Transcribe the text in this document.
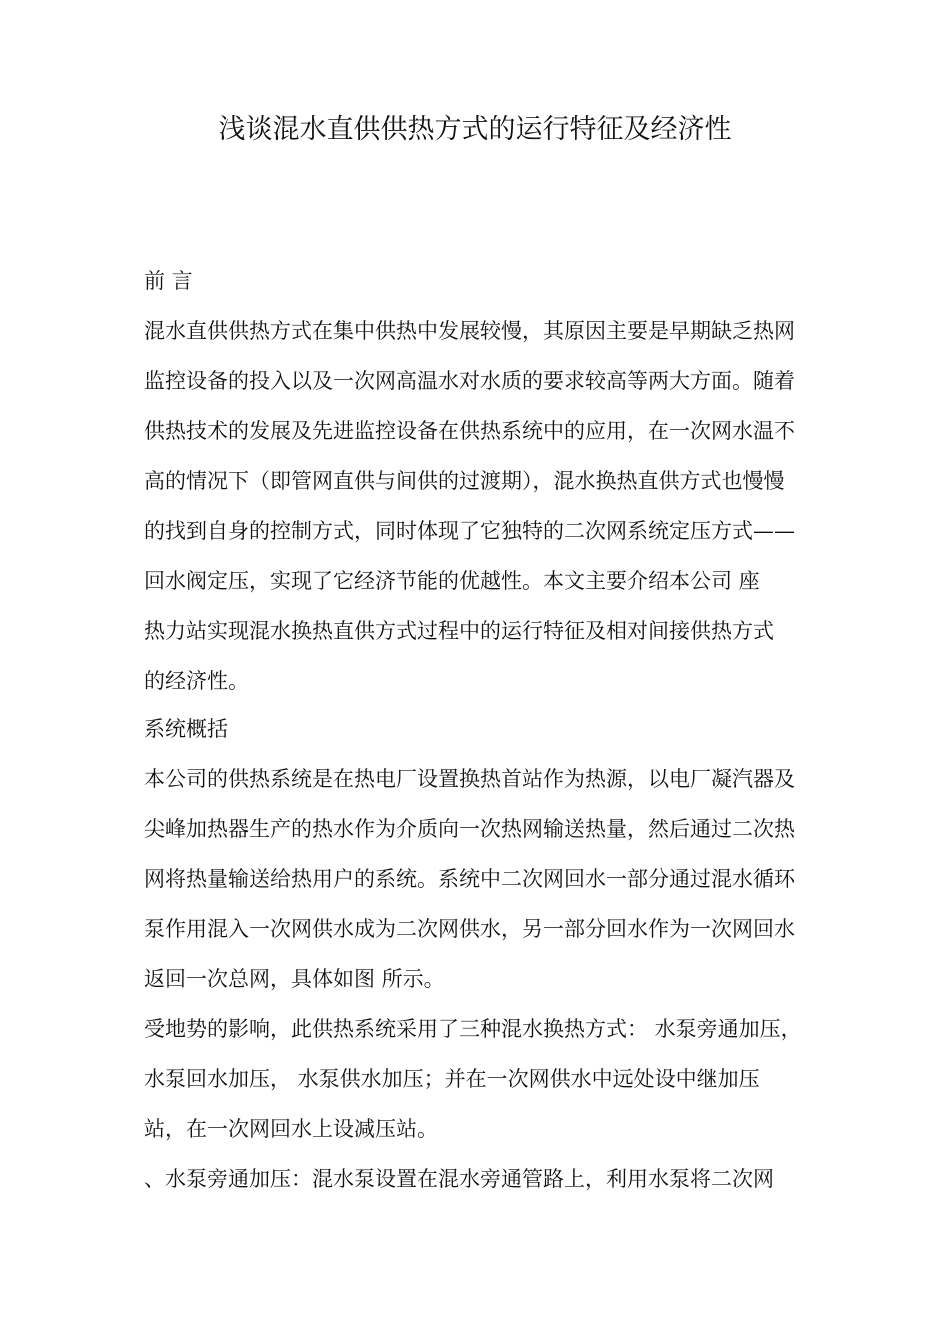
浅谈混水直供供热方式的运行特征及经济性
前 言
混水直供供热方式在集中供热中发展较慢，其原因主要是早期缺乏热网
监控设备的投入以及一次网高温水对水质的要求较高等两大方面。随着
供热技术的发展及先进监控设备在供热系统中的应用，在一次网水温不
高的情况下（即管网直供与间供的过渡期），混水换热直供方式也慢慢
的找到自身的控制方式，同时体现了它独特的二次网系统定压方式——
回水阀定压，实现了它经济节能的优越性。本文主要介绍本公司 座
热力站实现混水换热直供方式过程中的运行特征及相对间接供热方式
的经济性。
系统概括
本公司的供热系统是在热电厂设置换热首站作为热源，以电厂凝汽器及
尖峰加热器生产的热水作为介质向一次热网输送热量，然后通过二次热
网将热量输送给热用户的系统。系统中二次网回水一部分通过混水循环
泵作用混入一次网供水成为二次网供水，另一部分回水作为一次网回水
返回一次总网，具体如图 所示。
受地势的影响，此供热系统采用了三种混水换热方式： 水泵旁通加压，
水泵回水加压， 水泵供水加压；并在一次网供水中远处设中继加压
站，在一次网回水上设减压站。
、水泵旁通加压：混水泵设置在混水旁通管路上，利用水泵将二次网
